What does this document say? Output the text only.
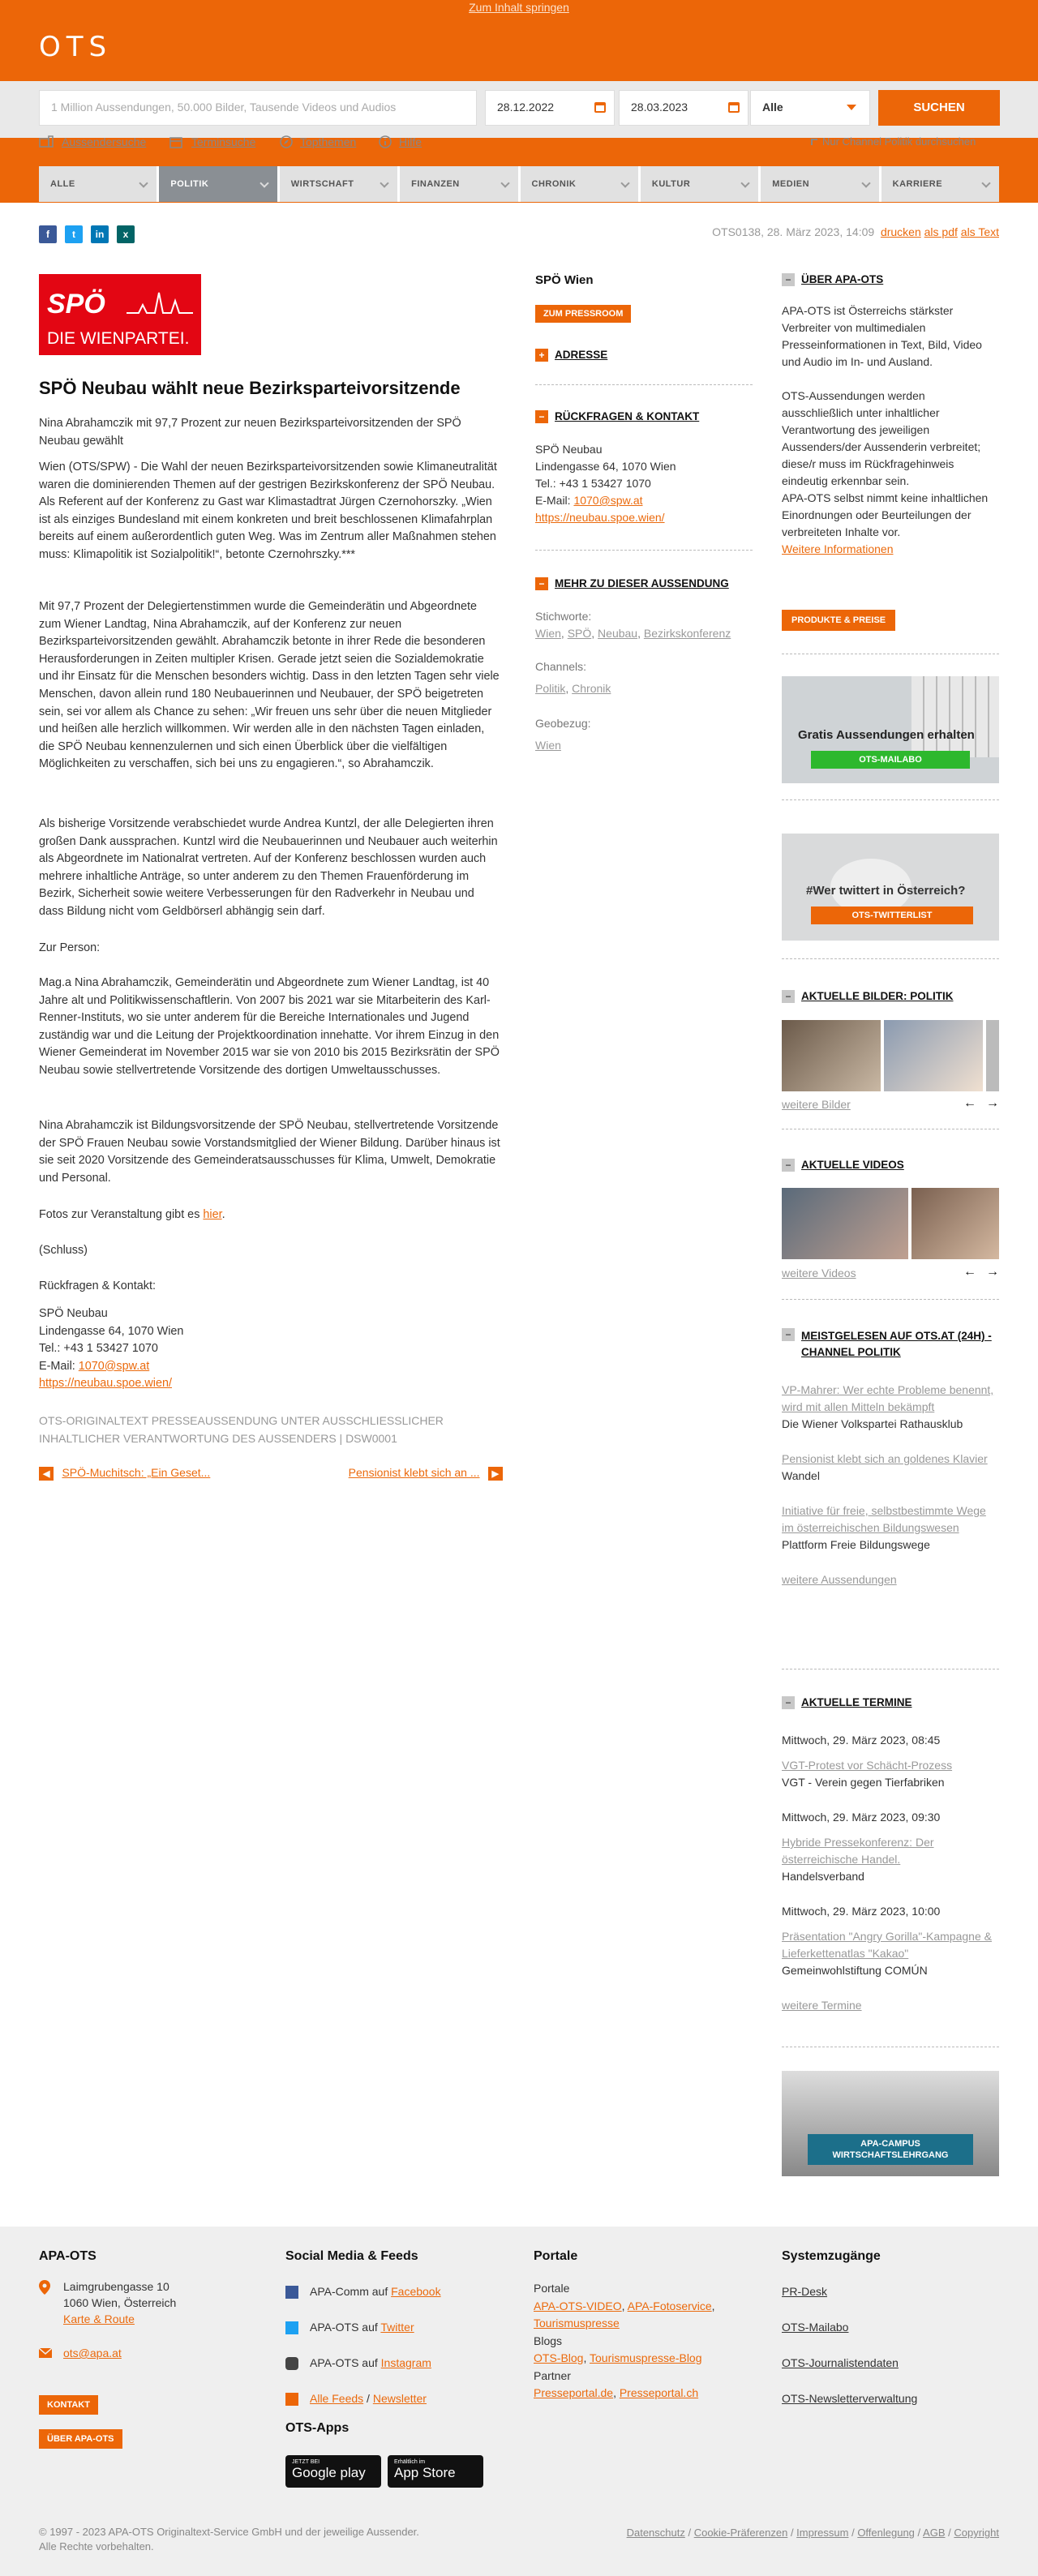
Zum Inhalt springen
OTS
1 Million Aussendungen, 50.000 Bilder, Tausende Videos und Audios	28.12.2022	28.03.2023	Alle	SUCHEN
Aussendersuche	Terminsuche	Topthemen	Hilfe	Nur Channel Politik durchsuchen
ALLE	POLITIK	WIRTSCHAFT	FINANZEN	CHRONIK	KULTUR	MEDIEN	KARRIERE
f	t	in	x	OTS0138, 28. März 2023, 14:09 drucken als pdf als Text
SPÖ
DIE WIENPARTEI.
SPÖ Neubau wählt neue Bezirksparteivorsitzende
Nina Abrahamczik mit 97,7 Prozent zur neuen Bezirksparteivorsitzenden der SPÖ Neubau gewählt
Wien (OTS/SPW) - Die Wahl der neuen Bezirksparteivorsitzenden sowie Klimaneutralität waren die dominierenden Themen auf der gestrigen Bezirkskonferenz der SPÖ Neubau. Als Referent auf der Konferenz zu Gast war Klimastadtrat Jürgen Czernohorszky. „Wien ist als einziges Bundesland mit einem konkreten und breit beschlossenen Klimafahrplan bereits auf einem außerordentlich guten Weg. Was im Zentrum aller Maßnahmen stehen muss: Klimapolitik ist Sozialpolitik!“, betonte Czernohrszky.***
Mit 97,7 Prozent der Delegiertenstimmen wurde die Gemeinderätin und Abgeordnete zum Wiener Landtag, Nina Abrahamczik, auf der Konferenz zur neuen Bezirksparteivorsitzenden gewählt. Abrahamczik betonte in ihrer Rede die besonderen Herausforderungen in Zeiten multipler Krisen. Gerade jetzt seien die Sozialdemokratie und ihr Einsatz für die Menschen besonders wichtig. Dass in den letzten Tagen sehr viele Menschen, davon allein rund 180 Neubauerinnen und Neubauer, der SPÖ beigetreten sein, sei vor allem als Chance zu sehen: „Wir freuen uns sehr über die neuen Mitglieder und heißen alle herzlich willkommen. Wir werden alle in den nächsten Tagen einladen, die SPÖ Neubau kennenzulernen und sich einen Überblick über die vielfältigen Möglichkeiten zu verschaffen, sich bei uns zu engagieren.“, so Abrahamczik.
Als bisherige Vorsitzende verabschiedet wurde Andrea Kuntzl, der alle Delegierten ihren großen Dank aussprachen. Kuntzl wird die Neubauerinnen und Neubauer auch weiterhin als Abgeordnete im Nationalrat vertreten. Auf der Konferenz beschlossen wurden auch mehrere inhaltliche Anträge, so unter anderem zu den Themen Frauenförderung im Bezirk, Sicherheit sowie weitere Verbesserungen für den Radverkehr in Neubau und dass Bildung nicht vom Geldbörserl abhängig sein darf.
Zur Person:
Mag.a Nina Abrahamczik, Gemeinderätin und Abgeordnete zum Wiener Landtag, ist 40 Jahre alt und Politikwissenschaftlerin. Von 2007 bis 2021 war sie Mitarbeiterin des Karl-Renner-Instituts, wo sie unter anderem für die Bereiche Internationales und Jugend zuständig war und die Leitung der Projektkoordination innehatte. Vor ihrem Einzug in den Wiener Gemeinderat im November 2015 war sie von 2010 bis 2015 Bezirksrätin der SPÖ Neubau sowie stellvertretende Vorsitzende des dortigen Umweltausschusses.
Nina Abrahamczik ist Bildungsvorsitzende der SPÖ Neubau, stellvertretende Vorsitzende der SPÖ Frauen Neubau sowie Vorstandsmitglied der Wiener Bildung. Darüber hinaus ist sie seit 2020 Vorsitzende des Gemeinderatsausschusses für Klima, Umwelt, Demokratie und Personal.
Fotos zur Veranstaltung gibt es hier.
(Schluss)
Rückfragen & Kontakt:
SPÖ Neubau
Lindengasse 64, 1070 Wien
Tel.: +43 1 53427 1070
E-Mail: 1070@spw.at
https://neubau.spoe.wien/
OTS-ORIGINALTEXT PRESSEAUSSENDUNG UNTER AUSSCHLIESSLICHER INHALTLICHER VERANTWORTUNG DES AUSSENDERS | DSW0001
◀ SPÖ-Muchitsch: „Ein Geset...	Pensionist klebt sich an ... ▶
SPÖ Wien
ZUM PRESSROOM
+ ADRESSE
− RÜCKFRAGEN & KONTAKT
SPÖ Neubau
Lindengasse 64, 1070 Wien
Tel.: +43 1 53427 1070
E-Mail: 1070@spw.at
https://neubau.spoe.wien/
− MEHR ZU DIESER AUSSENDUNG
Stichworte:
Wien, SPÖ, Neubau, Bezirkskonferenz
Channels:
Politik, Chronik
Geobezug:
Wien
− ÜBER APA-OTS
APA-OTS ist Österreichs stärkster Verbreiter von multimedialen Presseinformationen in Text, Bild, Video und Audio im In- und Ausland.
OTS-Aussendungen werden ausschließlich unter inhaltlicher Verantwortung des jeweiligen Aussenders/der Aussenderin verbreitet; diese/r muss im Rückfragehinweis eindeutig erkennbar sein.
APA-OTS selbst nimmt keine inhaltlichen Einordnungen oder Beurteilungen der verbreiteten Inhalte vor.
Weitere Informationen
PRODUKTE & PREISE
Gratis Aussendungen erhalten
OTS-MAILABO
#Wer twittert in Österreich?
OTS-TWITTERLIST
− AKTUELLE BILDER: POLITIK
weitere Bilder	← →
− AKTUELLE VIDEOS
weitere Videos	← →
− MEISTGELESEN AUF OTS.AT (24H) - CHANNEL POLITIK
VP-Mahrer: Wer echte Probleme benennt, wird mit allen Mitteln bekämpft
Die Wiener Volkspartei Rathausklub
Pensionist klebt sich an goldenes Klavier
Wandel
Initiative für freie, selbstbestimmte Wege im österreichischen Bildungswesen
Plattform Freie Bildungswege
weitere Aussendungen
− AKTUELLE TERMINE
Mittwoch, 29. März 2023, 08:45
VGT-Protest vor Schächt-Prozess
VGT - Verein gegen Tierfabriken
Mittwoch, 29. März 2023, 09:30
Hybride Pressekonferenz: Der österreichische Handel.
Handelsverband
Mittwoch, 29. März 2023, 10:00
Präsentation "Angry Gorilla"-Kampagne & Lieferkettenatlas "Kakao"
Gemeinwohlstiftung COMÚN
weitere Termine
APA-CAMPUS WIRTSCHAFTSLEHRGANG
APA-OTS
Laimgrubengasse 10
1060 Wien, Österreich
Karte & Route
ots@apa.at
KONTAKT
ÜBER APA-OTS
Social Media & Feeds
APA-Comm auf Facebook
APA-OTS auf Twitter
APA-OTS auf Instagram
Alle Feeds / Newsletter
OTS-Apps
JETZT BEI
Google play
Erhältlich im
App Store
Portale
Portale
APA-OTS-VIDEO, APA-Fotoservice,
Tourismuspresse
Blogs
OTS-Blog, Tourismuspresse-Blog
Partner
Presseportal.de, Presseportal.ch
Systemzugänge
PR-Desk
OTS-Mailabo
OTS-Journalistendaten
OTS-Newsletterverwaltung
© 1997 - 2023 APA-OTS Originaltext-Service GmbH und der jeweilige Aussender.
Alle Rechte vorbehalten.
Datenschutz / Cookie-Präferenzen / Impressum / Offenlegung / AGB / Copyright
